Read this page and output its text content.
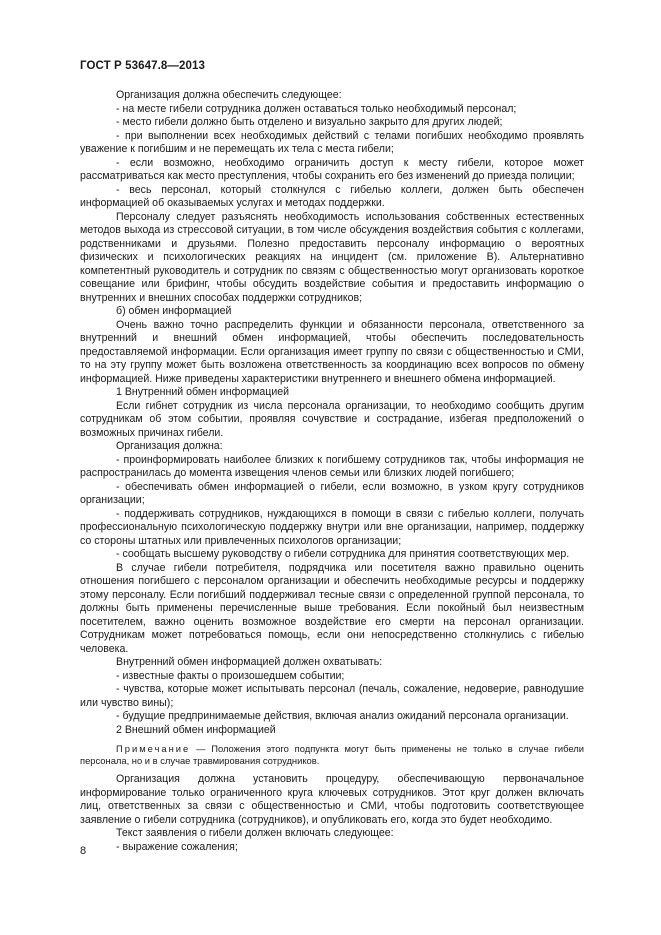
ГОСТ Р 53647.8—2013

Организация должна обеспечить следующее:

- на месте гибели сотрудника должен оставаться только необходимый персонал;

- место гибели должно быть отделено и визуально закрыто для других людей;

- при выполнении всех необходимых действий с телами погибших необходимо проявлять уважение к погибшим и не перемещать их тела с места гибели;

- если возможно, необходимо ограничить доступ к месту гибели, которое может рассматриваться как место преступления, чтобы сохранить его без изменений до приезда полиции;

- весь персонал, который столкнулся с гибелью коллеги, должен быть обеспечен информацией об оказываемых услугах и методах поддержки.

Персоналу следует разъяснять необходимость использования собственных естественных методов выхода из стрессовой ситуации, в том числе обсуждения воздействия события с коллегами, родственниками и друзьями. Полезно предоставить персоналу информацию о вероятных физических и психологических реакциях на инцидент (см. приложение В). Альтернативно компетентный руководитель и сотрудник по связям с общественностью могут организовать короткое совещание или брифинг, чтобы обсудить воздействие события и предоставить информацию о внутренних и внешних способах поддержки сотрудников;

б) обмен информацией

Очень важно точно распределить функции и обязанности персонала, ответственного за внутренний и внешний обмен информацией, чтобы обеспечить последовательность предоставляемой информации. Если организация имеет группу по связи с общественностью и СМИ, то на эту группу может быть возложена ответственность за координацию всех вопросов по обмену информацией. Ниже приведены характеристики внутреннего и внешнего обмена информацией.

1 Внутренний обмен информацией

Если гибнет сотрудник из числа персонала организации, то необходимо сообщить другим сотрудникам об этом событии, проявляя сочувствие и сострадание, избегая предположений о возможных причинах гибели.

Организация должна:

- проинформировать наиболее близких к погибшему сотрудников так, чтобы информация не распространилась до момента извещения членов семьи или близких людей погибшего;

- обеспечивать обмен информацией о гибели, если возможно, в узком кругу сотрудников организации;

- поддерживать сотрудников, нуждающихся в помощи в связи с гибелью коллеги, получать профессиональную психологическую поддержку внутри или вне организации, например, поддержку со стороны штатных или привлеченных психологов организации;

- сообщать высшему руководству о гибели сотрудника для принятия соответствующих мер.

В случае гибели потребителя, подрядчика или посетителя важно правильно оценить отношения погибшего с персоналом организации и обеспечить необходимые ресурсы и поддержку этому персоналу. Если погибший поддерживал тесные связи с определенной группой персонала, то должны быть применены перечисленные выше требования. Если покойный был неизвестным посетителем, важно оценить возможное воздействие его смерти на персонал организации. Сотрудникам может потребоваться помощь, если они непосредственно столкнулись с гибелью человека.

Внутренний обмен информацией должен охватывать:

- известные факты о произошедшем событии;

- чувства, которые может испытывать персонал (печаль, сожаление, недоверие, равнодушие или чувство вины);

- будущие предпринимаемые действия, включая анализ ожиданий персонала организации.

2 Внешний обмен информацией

Примечание — Положения этого подпункта могут быть применены не только в случае гибели персонала, но и в случае травмирования сотрудников.

Организация должна установить процедуру, обеспечивающую первоначальное информирование только ограниченного круга ключевых сотрудников. Этот круг должен включать лиц, ответственных за связи с общественностью и СМИ, чтобы подготовить соответствующее заявление о гибели сотрудника (сотрудников), и опубликовать его, когда это будет необходимо.

Текст заявления о гибели должен включать следующее:

- выражение сожаления;

8
